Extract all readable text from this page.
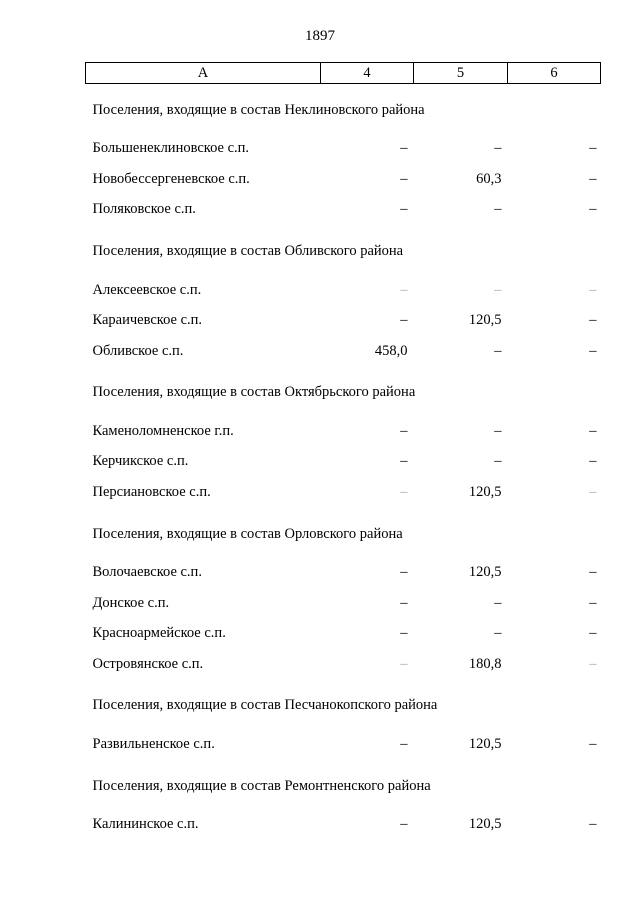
1897
А	4	5	6
Поселения, входящие в состав Неклиновского района			
Большенеклиновское с.п.	–	–	–
Новобессергеневское с.п.	–	60,3	–
Поляковское с.п.	–	–	–
Поселения, входящие в состав Обливского района			
Алексеевское с.п.	–	–	–
Караичевское с.п.	–	120,5	–
Обливское с.п.	458,0	–	–
Поселения, входящие в состав Октябрьского района			
Каменоломненское г.п.	–	–	–
Керчикское с.п.	–	–	–
Персиановское с.п.	–	120,5	–
Поселения, входящие в состав Орловского района			
Волочаевское с.п.	–	120,5	–
Донское с.п.	–	–	–
Красноармейское с.п.	–	–	–
Островянское с.п.	–	180,8	–
Поселения, входящие в состав Песчанокопского района			
Развильненское с.п.	–	120,5	–
Поселения, входящие в состав Ремонтненского района			
Калининское с.п.	–	120,5	–
